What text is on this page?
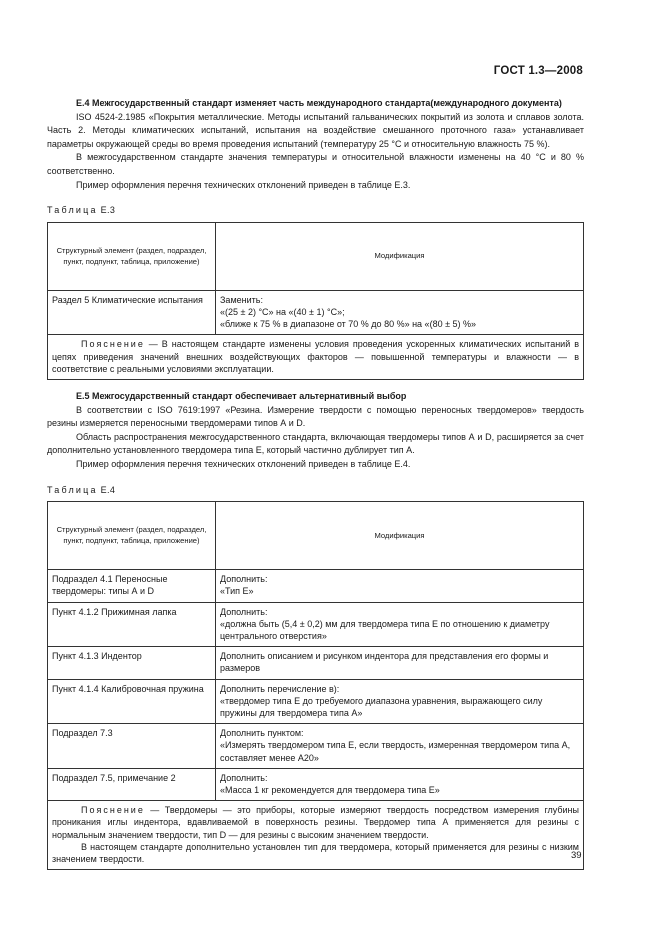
ГОСТ 1.3—2008

Е.4 Межгосударственный стандарт изменяет часть международного стандарта(международного документа)

ISO 4524-2.1985 «Покрытия металлические. Методы испытаний гальванических покрытий из золота и сплавов золота. Часть 2. Методы климатических испытаний, испытания на воздействие смешанного проточного газа» устанавливает параметры окружающей среды во время проведения испытаний (температуру 25 °С и относительную влажность 75 %).

В межгосударственном стандарте значения температуры и относительной влажности изменены на 40 °С и 80 % соответственно.

Пример оформления перечня технических отклонений приведен в таблице Е.3.

Таблица Е.3
Структурный элемент (раздел, подраздел, пункт, подпункт, таблица, приложение)	Модификация
Раздел 5 Климатические испытания	Заменить:
«(25 ± 2) °С» на «(40 ± 1) °С»;
«ближе к 75 % в диапазоне от 70 % до 80 %» на «(80 ± 5) %»

Пояснение — В настоящем стандарте изменены условия проведения ускоренных климатических испытаний в цепях приведения значений внешних воздействующих факторов — повышенной температуры и влажности — в соответствие с реальными условиями эксплуатации.	

Е.5 Межгосударственный стандарт обеспечивает альтернативный выбор

В соответствии с ISO 7619:1997 «Резина. Измерение твердости с помощью переносных твердомеров» твердость резины измеряется переносными твердомерами типов А и D.

Область распространения межгосударственного стандарта, включающая твердомеры типов А и D, расширяется за счет дополнительно установленного твердомера типа Е, который частично дублирует тип А.

Пример оформления перечня технических отклонений приведен в таблице Е.4.

Таблица Е.4
Структурный элемент (раздел, подраздел, пункт, подпункт, таблица, приложение)	Модификация
Подраздел 4.1 Переносные твердомеры: типы А и D	Дополнить:
«Тип Е»

Пункт 4.1.2 Прижимная лапка	Дополнить:
«должна быть (5,4 ± 0,2) мм для твердомера типа Е по отношению к диаметру центрального отверстия»

Пункт 4.1.3 Индентор	Дополнить описанием и рисунком индентора для представления его формы и размеров

Пункт 4.1.4 Калибровочная пружина	Дополнить перечисление в):
«твердомер типа Е до требуемого диапазона уравнения, выражающего силу пружины для твердомера типа А»

Подраздел 7.3	Дополнить пунктом:
«Измерять твердомером типа Е, если твердость, измеренная твердомером типа А, составляет менее А20»

Подраздел 7.5, примечание 2	Дополнить:
«Масса 1 кг рекомендуется для твердомера типа Е»

Пояснение — Твердомеры — это приборы, которые измеряют твердость посредством измерения глубины проникания иглы индентора, вдавливаемой в поверхность резины. Твердомер типа А применяется для резины с нормальным значением твердости, тип D — для резины с высоким значением твердости.

В настоящем стандарте дополнительно установлен тип для твердомера, который применяется для резины с низким значением твердости.		39
